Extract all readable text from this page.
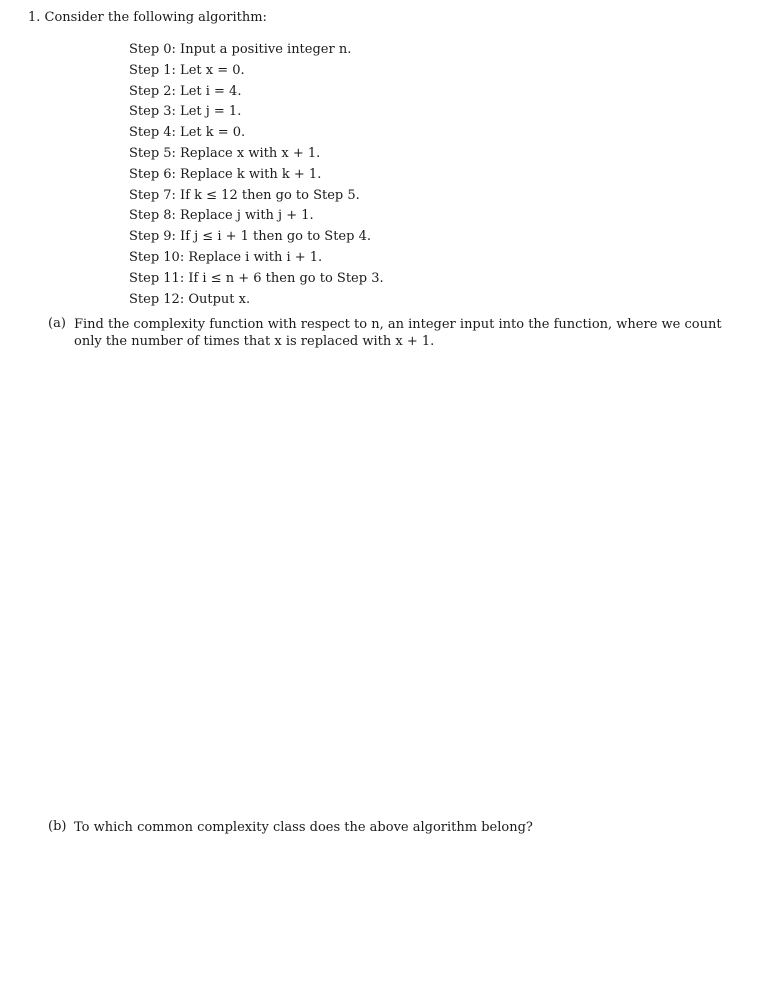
1. Consider the following algorithm:
Step 0: Input a positive integer n.
Step 1: Let x = 0.
Step 2: Let i = 4.
Step 3: Let j = 1.
Step 4: Let k = 0.
Step 5: Replace x with x + 1.
Step 6: Replace k with k + 1.
Step 7: If k ≤ 12 then go to Step 5.
Step 8: Replace j with j + 1.
Step 9: If j ≤ i + 1 then go to Step 4.
Step 10: Replace i with i + 1.
Step 11: If i ≤ n + 6 then go to Step 3.
Step 12: Output x.
(a) Find the complexity function with respect to n, an integer input into the function, where we count only the number of times that x is replaced with x + 1.
(b) To which common complexity class does the above algorithm belong?
